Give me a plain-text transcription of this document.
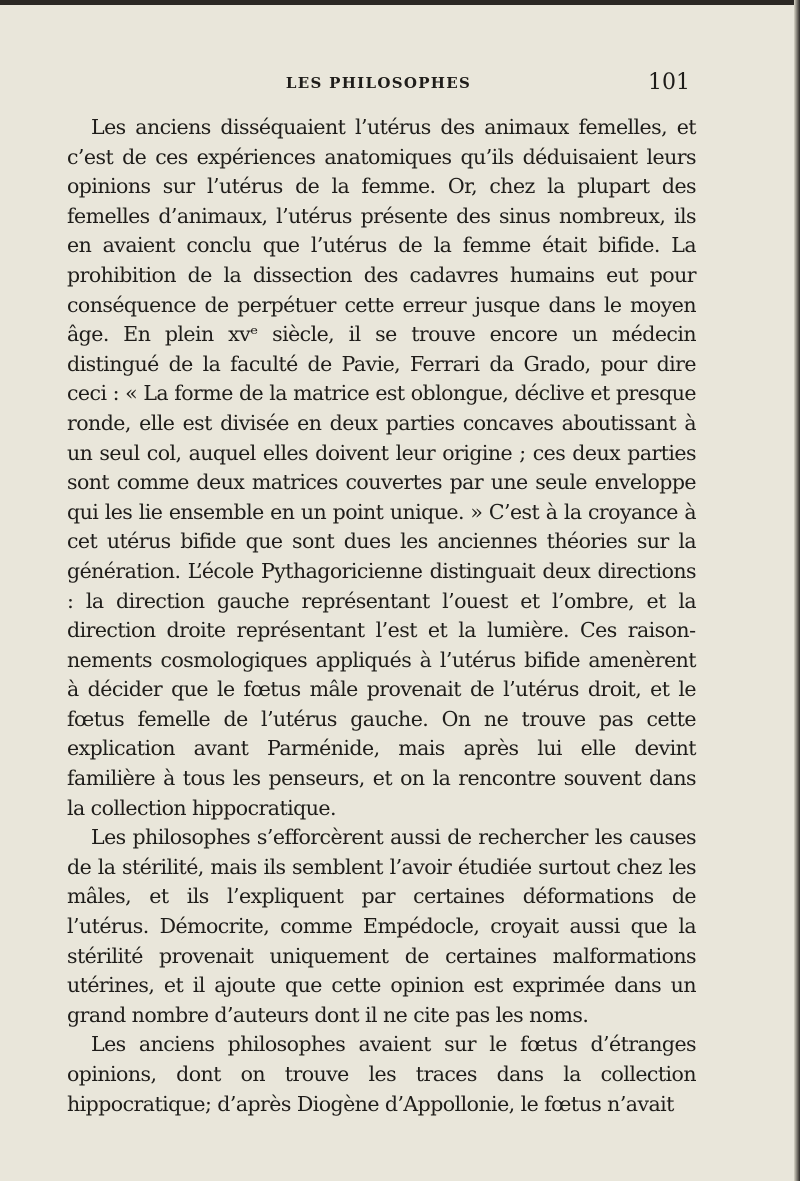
LES PHILOSOPHES	101

Les anciens disséquaient l’utérus des animaux femelles, et c’est de ces expériences anatomiques qu’ils déduisaient leurs opinions sur l’utérus de la femme. Or, chez la plupart des femelles d’animaux, l’utérus présente des sinus nombreux, ils en avaient conclu que l’utérus de la femme était bifide. La prohibition de la dissection des cadavres humains eut pour conséquence de perpétuer cette erreur jusque dans le moyen âge. En plein xvᵉ siècle, il se trouve encore un médecin distingué de la faculté de Pavie, Ferrari da Grado, pour dire ceci : « La forme de la matrice est oblongue, déclive et presque ronde, elle est divisée en deux parties concaves aboutissant à un seul col, auquel elles doivent leur origine ; ces deux parties sont comme deux matrices couvertes par une seule enveloppe qui les lie ensemble en un point unique. » C’est à la croyance à cet utérus bifide que sont dues les anciennes théories sur la génération. L’école Pythagoricienne distinguait deux directions : la direction gauche représentant l’ouest et l’ombre, et la direction droite représentant l’est et la lumière. Ces raisonnements cosmologiques appliqués à l’utérus bifide amenèrent à décider que le fœtus mâle provenait de l’utérus droit, et le fœtus femelle de l’utérus gauche. On ne trouve pas cette explication avant Parménide, mais après lui elle devint familière à tous les penseurs, et on la rencontre souvent dans la collection hippocratique.

Les philosophes s’efforcèrent aussi de rechercher les causes de la stérilité, mais ils semblent l’avoir étudiée surtout chez les mâles, et ils l’expliquent par certaines déformations de l’utérus. Démocrite, comme Empédocle, croyait aussi que la stérilité provenait uniquement de certaines malformations utérines, et il ajoute que cette opinion est exprimée dans un grand nombre d’auteurs dont il ne cite pas les noms.

Les anciens philosophes avaient sur le fœtus d’étranges opinions, dont on trouve les traces dans la collection hippocratique; d’après Diogène d’Appollonie, le fœtus n’avait
